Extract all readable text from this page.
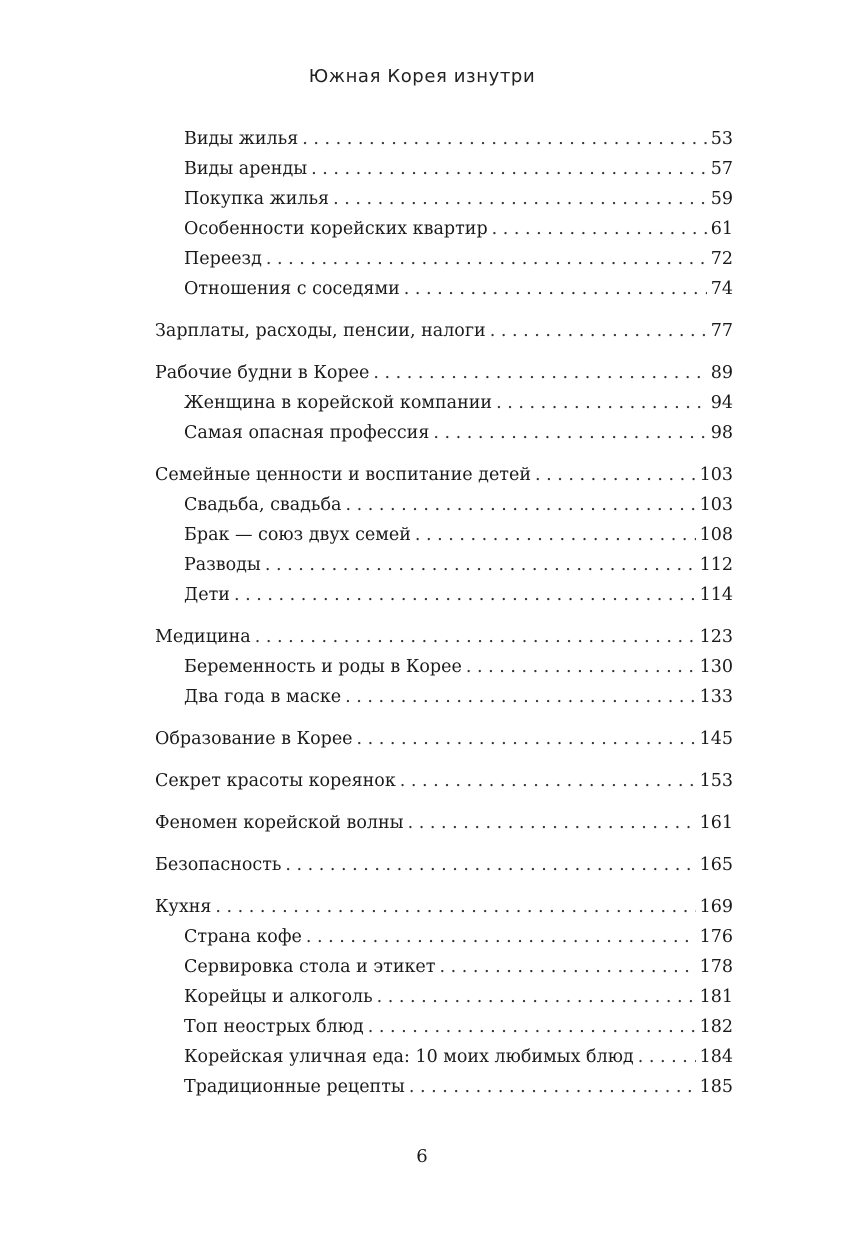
Южная Корея изнутри
Виды жилья . . .	53
Виды аренды . . .	57
Покупка жилья . . .	59
Особенности корейских квартир . . .	61
Переезд . . .	72
Отношения с соседями . . .	74
Зарплаты, расходы, пенсии, налоги . . .	77
Рабочие будни в Корее . . .	89
Женщина в корейской компании . . .	94
Самая опасная профессия . . .	98
Семейные ценности и воспитание детей . . .	103
Свадьба, свадьба . . .	103
Брак — союз двух семей . . .	108
Разводы . . .	112
Дети . . .	114
Медицина . . .	123
Беременность и роды в Корее . . .	130
Два года в маске . . .	133
Образование в Корее . . .	145
Секрет красоты кореянок . . .	153
Феномен корейской волны . . .	161
Безопасность . . .	165
Кухня . . .	169
Страна кофе . . .	176
Сервировка стола и этикет . . .	178
Корейцы и алкоголь . . .	181
Топ неострых блюд . . .	182
Корейская уличная еда: 10 моих любимых блюд . . .	184
Традиционные рецепты . . .	185
6
